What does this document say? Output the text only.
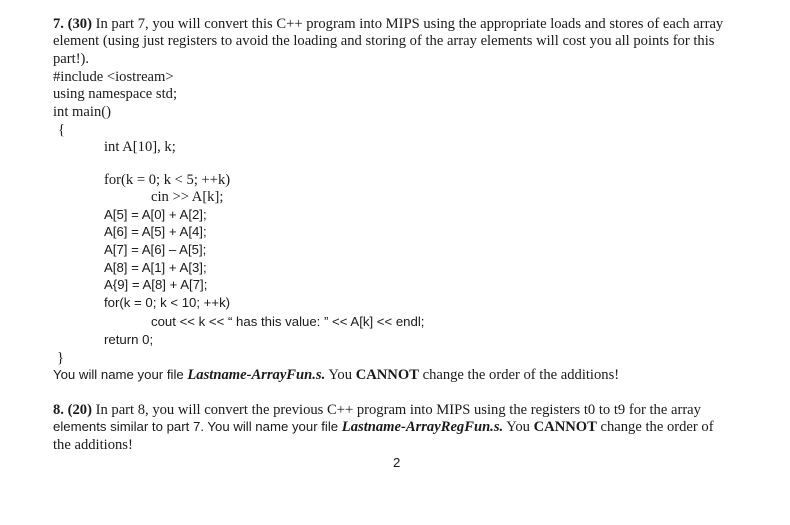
7. (30) In part 7, you will convert this C++ program into MIPS using the appropriate loads and stores of each array
element (using just registers to avoid the loading and storing of the array elements will cost you all points for this
part!).
#include <iostream>
using namespace std;
int main()
{
int A[10], k;
for(k = 0; k < 5; ++k)
cin >> A[k];
A[5] = A[0] + A[2];
A[6] = A[5] + A[4];
A[7] = A[6] – A[5];
A[8] = A[1] + A[3];
A{9] = A[8] + A[7];
for(k = 0; k < 10; ++k)
cout << k << “ has this value: ” << A[k] << endl;
return 0;
}
You will name your file Lastname-ArrayFun.s. You CANNOT change the order of the additions!
8. (20) In part 8, you will convert the previous C++ program into MIPS using the registers t0 to t9 for the array
elements similar to part 7. You will name your file Lastname-ArrayRegFun.s. You CANNOT change the order of
the additions!
2
